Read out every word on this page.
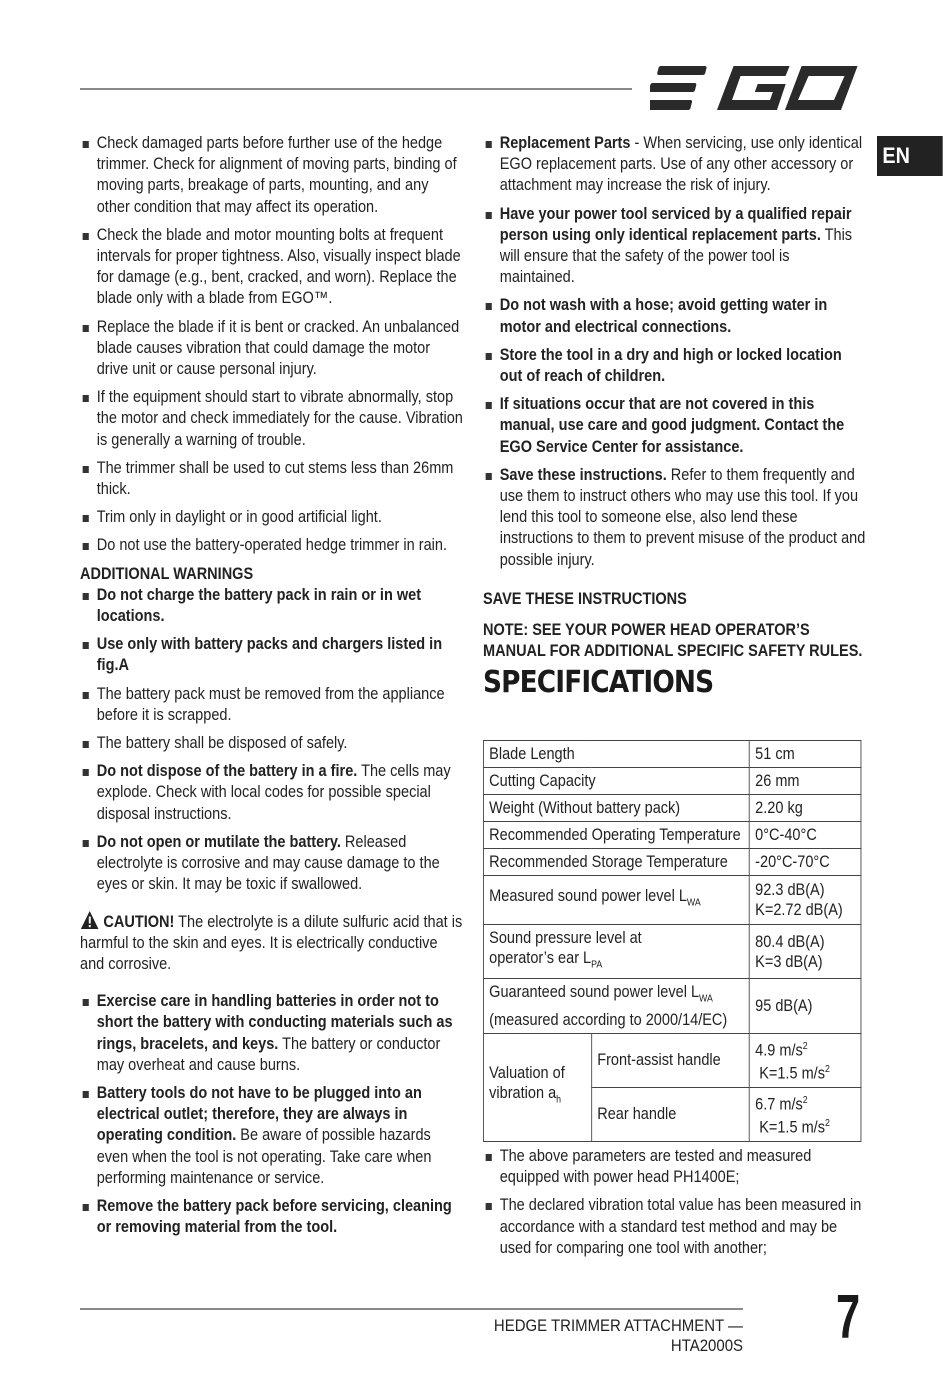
EN
Check damaged parts before further use of the hedge trimmer. Check for alignment of moving parts, binding of moving parts, breakage of parts, mounting, and any other condition that may affect its operation.
Check the blade and motor mounting bolts at frequent intervals for proper tightness. Also, visually inspect blade for damage (e.g., bent, cracked, and worn). Replace the blade only with a blade from EGO™.
Replace the blade if it is bent or cracked. An unbalanced blade causes vibration that could damage the motor drive unit or cause personal injury.
If the equipment should start to vibrate abnormally, stop the motor and check immediately for the cause. Vibration is generally a warning of trouble.
The trimmer shall be used to cut stems less than 26mm thick.
Trim only in daylight or in good artificial light.
Do not use the battery-operated hedge trimmer in rain.
ADDITIONAL WARNINGS
Do not charge the battery pack in rain or in wet locations.
Use only with battery packs and chargers listed in fig.A
The battery pack must be removed from the appliance before it is scrapped.
The battery shall be disposed of safely.
Do not dispose of the battery in a fire. The cells may explode. Check with local codes for possible special disposal instructions.
Do not open or mutilate the battery. Released electrolyte is corrosive and may cause damage to the eyes or skin. It may be toxic if swallowed.
CAUTION! The electrolyte is a dilute sulfuric acid that is harmful to the skin and eyes. It is electrically conductive and corrosive.
Exercise care in handling batteries in order not to short the battery with conducting materials such as rings, bracelets, and keys. The battery or conductor may overheat and cause burns.
Battery tools do not have to be plugged into an electrical outlet; therefore, they are always in operating condition. Be aware of possible hazards even when the tool is not operating. Take care when performing maintenance or service.
Remove the battery pack before servicing, cleaning or removing material from the tool.
Replacement Parts - When servicing, use only identical EGO replacement parts. Use of any other accessory or attachment may increase the risk of injury.
Have your power tool serviced by a qualified repair person using only identical replacement parts. This will ensure that the safety of the power tool is maintained.
Do not wash with a hose; avoid getting water in motor and electrical connections.
Store the tool in a dry and high or locked location out of reach of children.
If situations occur that are not covered in this manual, use care and good judgment. Contact the EGO Service Center for assistance.
Save these instructions. Refer to them frequently and use them to instruct others who may use this tool. If you lend this tool to someone else, also lend these instructions to them to prevent misuse of the product and possible injury.
SAVE THESE INSTRUCTIONS
NOTE: SEE YOUR POWER HEAD OPERATOR’S MANUAL FOR ADDITIONAL SPECIFIC SAFETY RULES.
SPECIFICATIONS
Blade Length		51 cm
Cutting Capacity		26 mm
Weight (Without battery pack)		2.20 kg
Recommended Operating Temperature		0°C-40°C
Recommended Storage Temperature		-20°C-70°C
Measured sound power level $L_{WA}$		92.3 dB(A)
K=2.72 dB(A)
Sound pressure level at
operator’s ear $L_{PA}$		80.4 dB(A)
K=3 dB(A)
Guaranteed sound power level $L_{WA}$
(measured according to 2000/14/EC)		95 dB(A)
Valuation of
vibration $a_h$	Front-assist handle	4.9 $m/s^2$
K=1.5 $m/s^2$
	Rear handle	6.7 $m/s^2$
K=1.5 $m/s^2$
The above parameters are tested and measured equipped with power head PH1400E;
The declared vibration total value has been measured in accordance with a standard test method and may be used for comparing one tool with another;
HEDGE TRIMMER ATTACHMENT — HTA2000S 7
